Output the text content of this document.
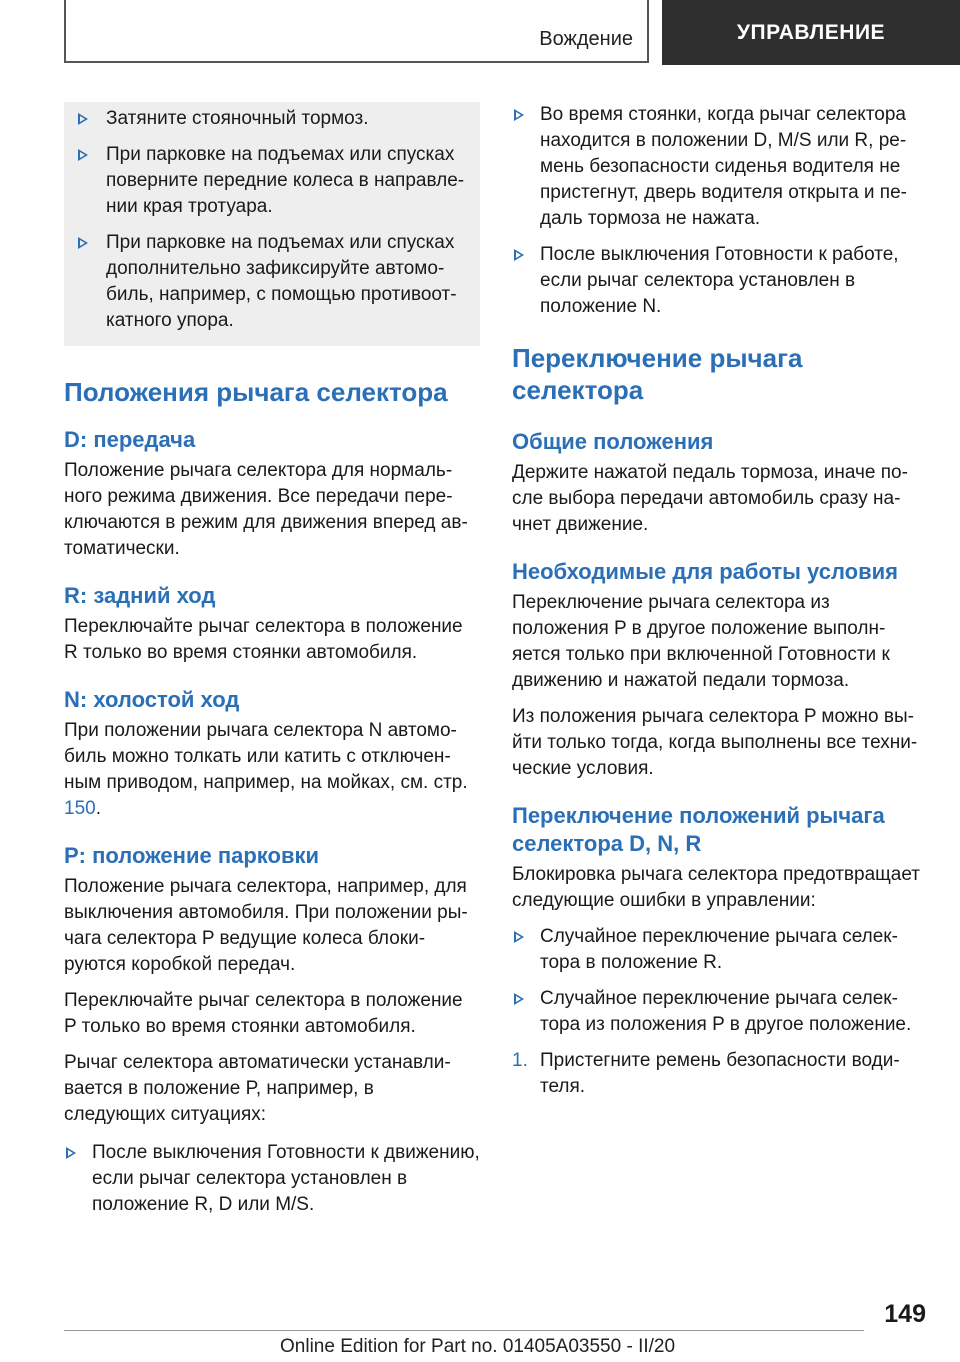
Вождение	УПРАВЛЕНИЕ
Затяните стояночный тормоз.
При парковке на подъемах или спусках поверните передние колеса в направлении края тротуара.
При парковке на подъемах или спусках дополнительно зафиксируйте автомобиль, например, с помощью противооткатного упора.
Положения рычага селектора
D: передача

Положение рычага селектора для нормального режима движения. Все передачи переключаются в режим для движения вперед автоматически.

R: задний ход

Переключайте рычаг селектора в положение R только во время стоянки автомобиля.

N: холостой ход

При положении рычага селектора N автомобиль можно толкать или катить с отключенным приводом, например, на мойках, см. стр. 150.

P: положение парковки

Положение рычага селектора, например, для выключения автомобиля. При положении рычага селектора P ведущие колеса блокируются коробкой передач.

Переключайте рычаг селектора в положение P только во время стоянки автомобиля.

Рычаг селектора автоматически устанавливается в положение P, например, в следующих ситуациях:

После выключения Готовности к движению, если рычаг селектора установлен в положение R, D или M/S.
Во время стоянки, когда рычаг селектора находится в положении D, M/S или R, ремень безопасности сиденья водителя не пристегнут, дверь водителя открыта и педаль тормоза не нажата.
После выключения Готовности к работе, если рычаг селектора установлен в положение N.
Переключение рычага селектора
Общие положения

Держите нажатой педаль тормоза, иначе после выбора передачи автомобиль сразу начнет движение.

Необходимые для работы условия

Переключение рычага селектора из положения P в другое положение выполняется только при включенной Готовности к движению и нажатой педали тормоза.

Из положения рычага селектора P можно выйти только тогда, когда выполнены все технические условия.

Переключение положений рычага селектора D, N, R

Блокировка рычага селектора предотвращает следующие ошибки в управлении:

Случайное переключение рычага селектора в положение R.
Случайное переключение рычага селектора из положения P в другое положение.
1. Пристегните ремень безопасности водителя.
149
Online Edition for Part no. 01405A03550 - II/20
